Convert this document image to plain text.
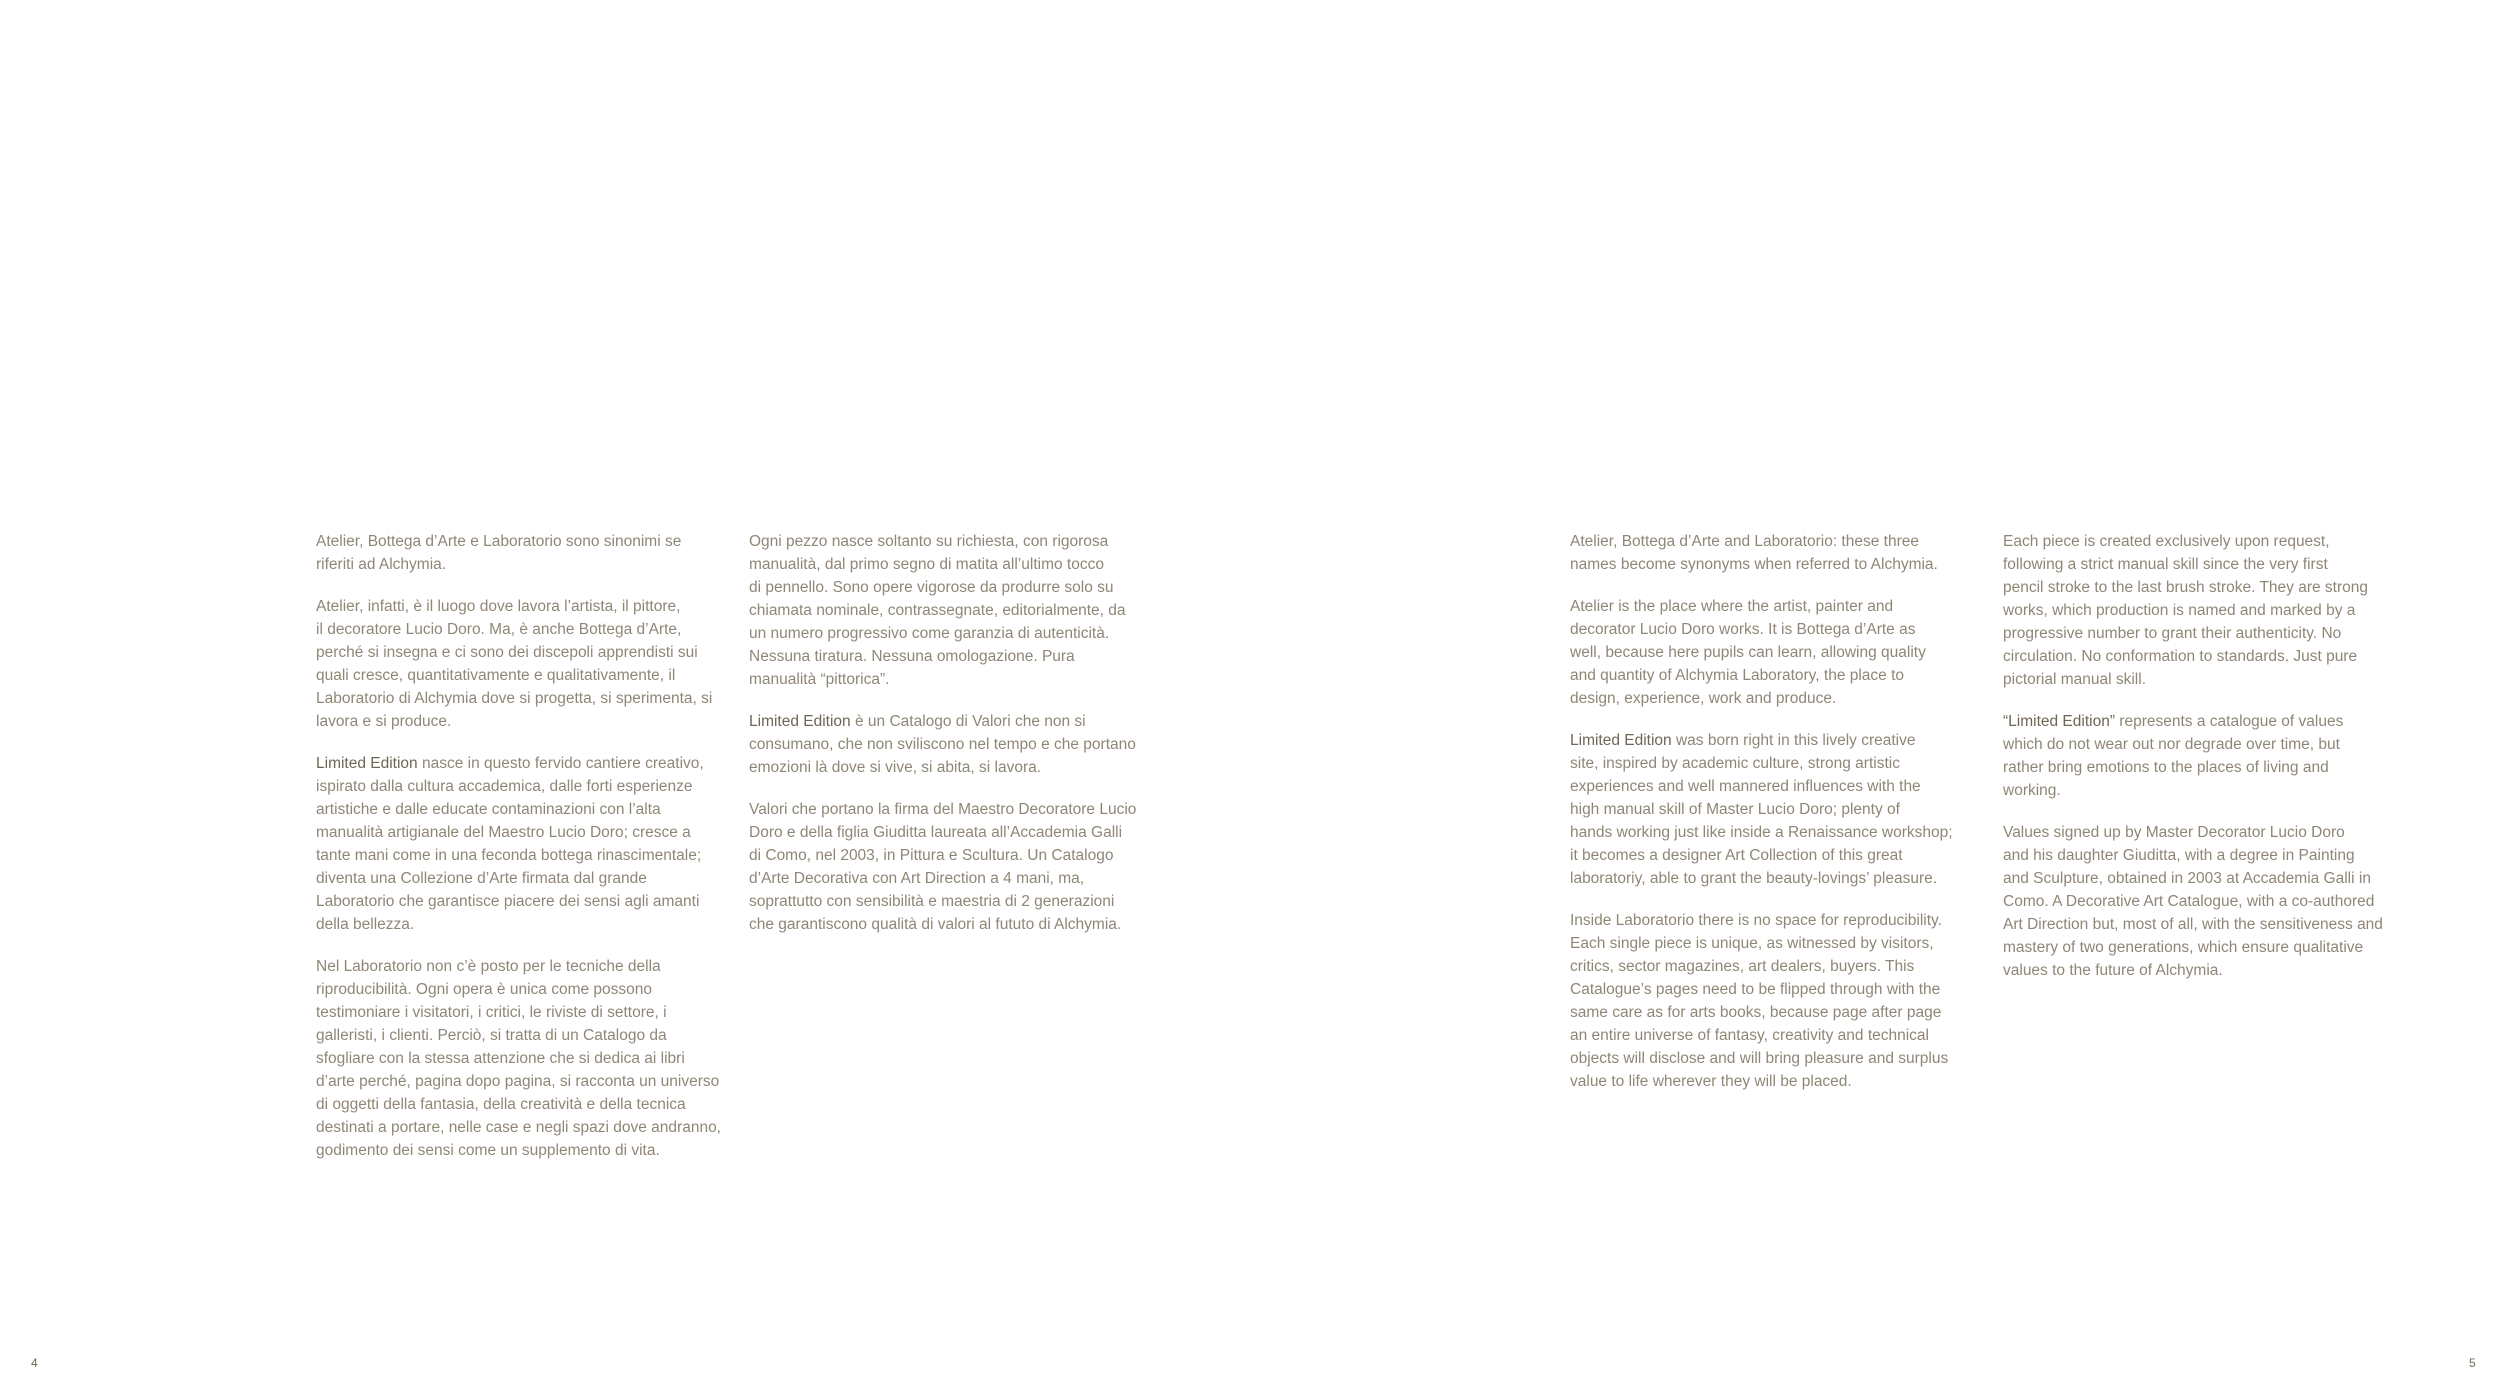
Atelier, Bottega d’Arte e Laboratorio sono sinonimi se
riferiti ad Alchymia.

Atelier, infatti, è il luogo dove lavora l’artista, il pittore,
il decoratore Lucio Doro. Ma, è anche Bottega d’Arte,
perché si insegna e ci sono dei discepoli apprendisti sui
quali cresce, quantitativamente e qualitativamente, il
Laboratorio di Alchymia dove si progetta, si sperimenta, si
lavora e si produce.

Limited Edition nasce in questo fervido cantiere creativo,
ispirato dalla cultura accademica, dalle forti esperienze
artistiche e dalle educate contaminazioni con l’alta
manualità artigianale del Maestro Lucio Doro; cresce a
tante mani come in una feconda bottega rinascimentale;
diventa una Collezione d’Arte firmata dal grande
Laboratorio che garantisce piacere dei sensi agli amanti
della bellezza.

Nel Laboratorio non c’è posto per le tecniche della
riproducibilità. Ogni opera è unica come possono
testimoniare i visitatori, i critici, le riviste di settore, i
galleristi, i clienti. Perciò, si tratta di un Catalogo da
sfogliare con la stessa attenzione che si dedica ai libri
d’arte perché, pagina dopo pagina, si racconta un universo
di oggetti della fantasia, della creatività e della tecnica
destinati a portare, nelle case e negli spazi dove andranno,
godimento dei sensi come un supplemento di vita.

Ogni pezzo nasce soltanto su richiesta, con rigorosa
manualità, dal primo segno di matita all’ultimo tocco
di pennello. Sono opere vigorose da produrre solo su
chiamata nominale, contrassegnate, editorialmente, da
un numero progressivo come garanzia di autenticità.
Nessuna tiratura. Nessuna omologazione. Pura
manualità “pittorica”.

Limited Edition è un Catalogo di Valori che non si
consumano, che non sviliscono nel tempo e che portano
emozioni là dove si vive, si abita, si lavora.

Valori che portano la firma del Maestro Decoratore Lucio
Doro e della figlia Giuditta laureata all’Accademia Galli
di Como, nel 2003, in Pittura e Scultura. Un Catalogo
d’Arte Decorativa con Art Direction a 4 mani, ma,
soprattutto con sensibilità e maestria di 2 generazioni
che garantiscono qualità di valori al fututo di Alchymia.

Atelier, Bottega d’Arte and Laboratorio: these three
names become synonyms when referred to Alchymia.

Atelier is the place where the artist, painter and
decorator Lucio Doro works. It is Bottega d’Arte as
well, because here pupils can learn, allowing quality
and quantity of Alchymia Laboratory, the place to
design, experience, work and produce.

Limited Edition was born right in this lively creative
site, inspired by academic culture, strong artistic
experiences and well mannered influences with the
high manual skill of Master Lucio Doro; plenty of
hands working just like inside a Renaissance workshop;
it becomes a designer Art Collection of this great
laboratoriy, able to grant the beauty-lovings’ pleasure.

Inside Laboratorio there is no space for reproducibility.
Each single piece is unique, as witnessed by visitors,
critics, sector magazines, art dealers, buyers. This
Catalogue’s pages need to be flipped through with the
same care as for arts books, because page after page
an entire universe of fantasy, creativity and technical
objects will disclose and will bring pleasure and surplus
value to life wherever they will be placed.

Each piece is created exclusively upon request,
following a strict manual skill since the very first
pencil stroke to the last brush stroke. They are strong
works, which production is named and marked by a
progressive number to grant their authenticity. No
circulation. No conformation to standards. Just pure
pictorial manual skill.

“Limited Edition” represents a catalogue of values
which do not wear out nor degrade over time, but
rather bring emotions to the places of living and
working.

Values signed up by Master Decorator Lucio Doro
and his daughter Giuditta, with a degree in Painting
and Sculpture, obtained in 2003 at Accademia Galli in
Como. A Decorative Art Catalogue, with a co-authored
Art Direction but, most of all, with the sensitiveness and
mastery of two generations, which ensure qualitative
values to the future of Alchymia.

4	5
